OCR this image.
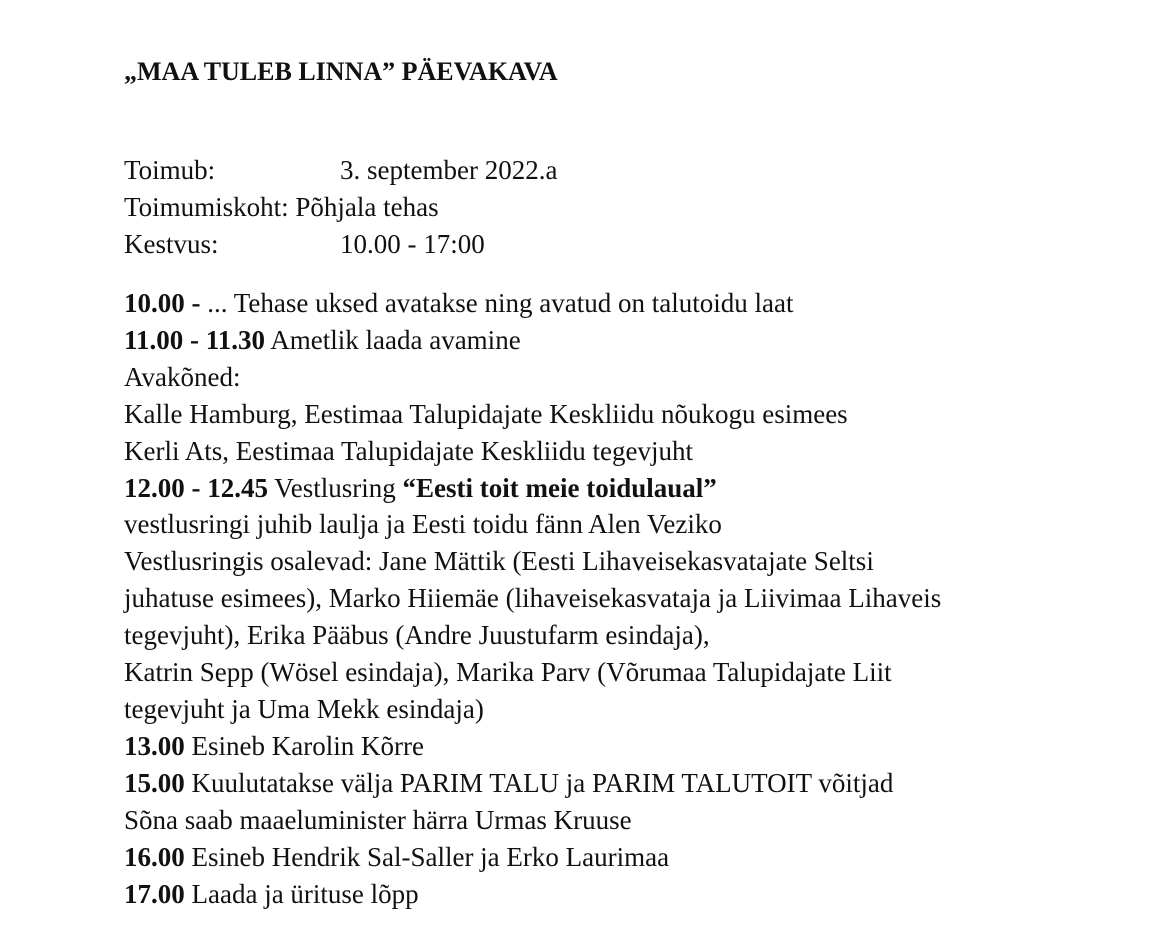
„MAA TULEB LINNA” PÄEVAKAVA
Toimub:	3. september 2022.a
Toimumiskoht: Põhjala tehas
Kestvus:	10.00 - 17:00
10.00 - ... Tehase uksed avatakse ning avatud on talutoidu laat
11.00 - 11.30 Ametlik laada avamine
Avakõned:
Kalle Hamburg, Eestimaa Talupidajate Keskliidu nõukogu esimees
Kerli Ats, Eestimaa Talupidajate Keskliidu tegevjuht
12.00 - 12.45 Vestlusring “Eesti toit meie toidulaual”
vestlusringi juhib laulja ja Eesti toidu fänn Alen Veziko
Vestlusringis osalevad: Jane Mättik (Eesti Lihaveisekasvatajate Seltsi
juhatuse esimees), Marko Hiiemäe (lihaveisekasvataja ja Liivimaa Lihaveis
tegevjuht), Erika Pääbus (Andre Juustufarm esindaja),
Katrin Sepp (Wösel esindaja), Marika Parv (Võrumaa Talupidajate Liit
tegevjuht ja Uma Mekk esindaja)
13.00 Esineb Karolin Kõrre
15.00 Kuulutatakse välja PARIM TALU ja PARIM TALUTOIT võitjad
Sõna saab maaeluminister härra Urmas Kruuse
16.00 Esineb Hendrik Sal-Saller ja Erko Laurimaa
17.00 Laada ja ürituse lõpp
